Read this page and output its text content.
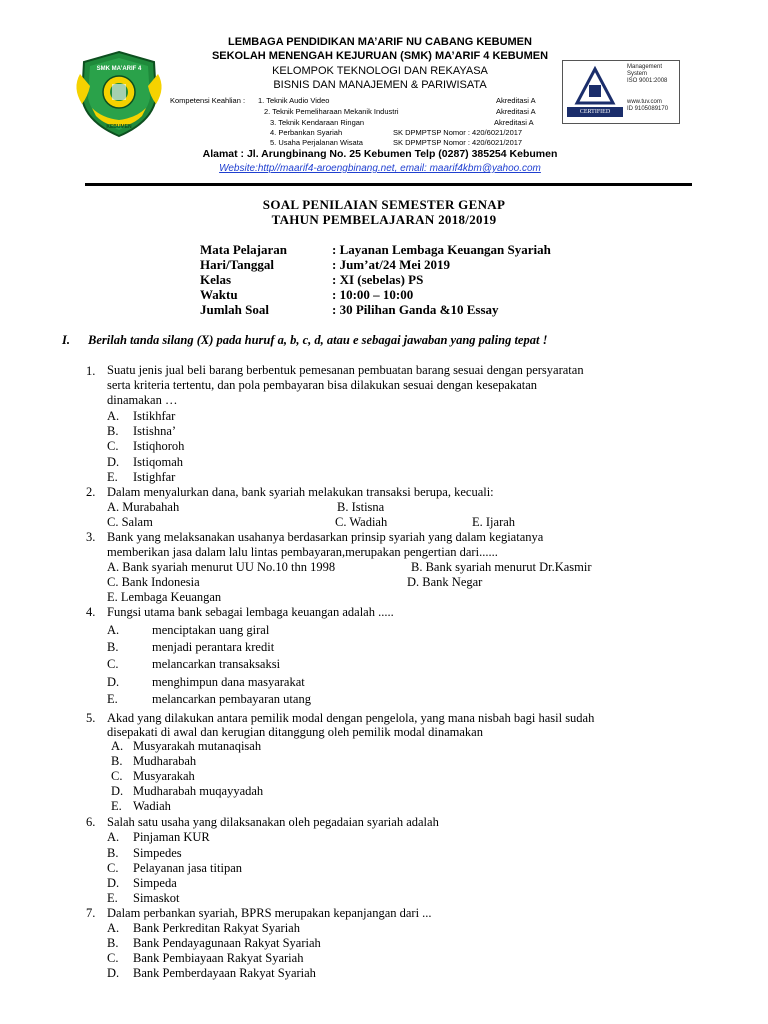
SMK MA’ARIF 4
KEBUMEN
LEMBAGA PENDIDIKAN MA’ARIF NU CABANG KEBUMEN
SEKOLAH MENENGAH KEJURUAN (SMK) MA’ARIF 4 KEBUMEN
KELOMPOK TEKNOLOGI DAN REKAYASA
BISNIS DAN MANAJEMEN & PARIWISATA
Kompetensi Keahlian : 1. Teknik Audio Video	Akreditasi A
2. Teknik Pemeliharaan Mekanik Industri	Akreditasi A
3. Teknik Kendaraan Ringan	Akreditasi A
4. Perbankan Syariah	SK DPMPTSP Nomor : 420/6021/2017
5. Usaha Perjalanan Wisata	SK DPMPTSP Nomor : 420/6021/2017
Alamat : Jl. Arungbinang No. 25 Kebumen Telp (0287) 385254 Kebumen
Website:http//maarif4-aroengbinang.net, email: maarif4kbm@yahoo.com
CERTIFIED
Management
System
ISO 9001:2008
www.tuv.com
ID 9105089170
SOAL PENILAIAN SEMESTER GENAP
TAHUN PEMBELAJARAN 2018/2019
Mata Pelajaran	: Layanan Lembaga Keuangan Syariah
Hari/Tanggal	: Jum’at/24 Mei 2019
Kelas	: XI (sebelas) PS
Waktu	: 10:00 – 10:00
Jumlah Soal	: 30 Pilihan Ganda &10 Essay
I. Berilah tanda silang (X) pada huruf a, b, c, d, atau e sebagai jawaban yang paling tepat !
1. Suatu jenis jual beli barang berbentuk pemesanan pembuatan barang sesuai dengan persyaratan
serta kriteria tertentu, dan pola pembayaran bisa dilakukan sesuai dengan kesepakatan
dinamakan …
A. Istikhfar
B. Istishna’
C. Istiqhoroh
D. Istiqomah
E. Istighfar
2. Dalam menyalurkan dana, bank syariah melakukan transaksi berupa, kecuali:
A. Murabahah	B. Istisna
C. Salam	C. Wadiah	E. Ijarah
3. Bank yang melaksanakan usahanya berdasarkan prinsip syariah yang dalam kegiatanya
memberikan jasa dalam lalu lintas pembayaran,merupakan pengertian dari......
A. Bank syariah menurut UU No.10 thn 1998	B. Bank syariah menurut Dr.Kasmir
C. Bank Indonesia	D. Bank Negar
E. Lembaga Keuangan
4. Fungsi utama bank sebagai lembaga keuangan adalah .....
A.	menciptakan uang giral
B.	menjadi perantara kredit
C.	melancarkan transaksaksi
D.	menghimpun dana masyarakat
E.	melancarkan pembayaran utang
5. Akad yang dilakukan antara pemilik modal dengan pengelola, yang mana nisbah bagi hasil sudah
disepakati di awal dan kerugian ditanggung oleh pemilik modal dinamakan
A. Musyarakah mutanaqisah
B. Mudharabah
C. Musyarakah
D. Mudharabah muqayyadah
E. Wadiah
6. Salah satu usaha yang dilaksanakan oleh pegadaian syariah adalah
A. Pinjaman KUR
B. Simpedes
C. Pelayanan jasa titipan
D. Simpeda
E. Simaskot
7. Dalam perbankan syariah, BPRS merupakan kepanjangan dari ...
A. Bank Perkreditan Rakyat Syariah
B. Bank Pendayagunaan Rakyat Syariah
C. Bank Pembiayaan Rakyat Syariah
D. Bank Pemberdayaan Rakyat Syariah
